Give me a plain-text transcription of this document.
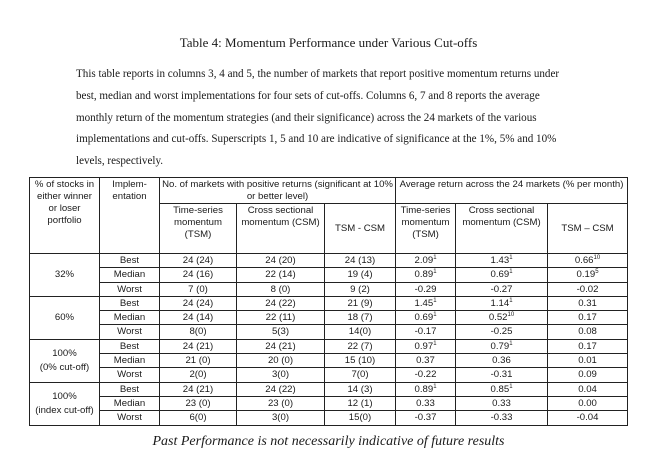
Table 4: Momentum Performance under Various Cut-offs
This table reports in columns 3, 4 and 5, the number of markets that report positive momentum returns under best, median and worst implementations for four sets of cut-offs. Columns 6, 7 and 8 reports the average monthly return of the momentum strategies (and their significance) across the 24 markets of the various implementations and cut-offs. Superscripts 1, 5 and 10 are indicative of significance at the 1%, 5% and 10% levels, respectively.
% of stocks in either winner or loser portfolio	Implem-entation	No. of markets with positive returns (significant at 10% or better level)			Average return across the 24 markets (% per month)		
		Time-series momentum (TSM)	Cross sectional momentum (CSM)	TSM - CSM	Time-series momentum (TSM)	Cross sectional momentum (CSM)	TSM – CSM

32%	Best	24 (24)	24 (20)	24 (13)	2.09$^1$	1.43$^1$	0.66$^{10}$
	Median	24 (16)	22 (14)	19 (4)	0.89$^1$	0.69$^1$	0.19$^5$
	Worst	7 (0)	8 (0)	9 (2)	-0.29	-0.27	-0.02

60%	Best	24 (24)	24 (22)	21 (9)	1.45$^1$	1.14$^1$	0.31
	Median	24 (14)	22 (11)	18 (7)	0.69$^1$	0.52$^{10}$	0.17
	Worst	8(0)	5(3)	14(0)	-0.17	-0.25	0.08

100%
(0% cut-off)	Best	24 (21)	24 (21)	22 (7)	0.97$^1$	0.79$^1$	0.17
	Median	21 (0)	20 (0)	15 (10)	0.37	0.36	0.01
	Worst	2(0)	3(0)	7(0)	-0.22	-0.31	0.09

100%
(index cut-off)	Best	24 (21)	24 (22)	14 (3)	0.89$^1$	0.85$^1$	0.04
	Median	23 (0)	23 (0)	12 (1)	0.33	0.33	0.00
	Worst	6(0)	3(0)	15(0)	-0.37	-0.33	-0.04
Past Performance is not necessarily indicative of future results
